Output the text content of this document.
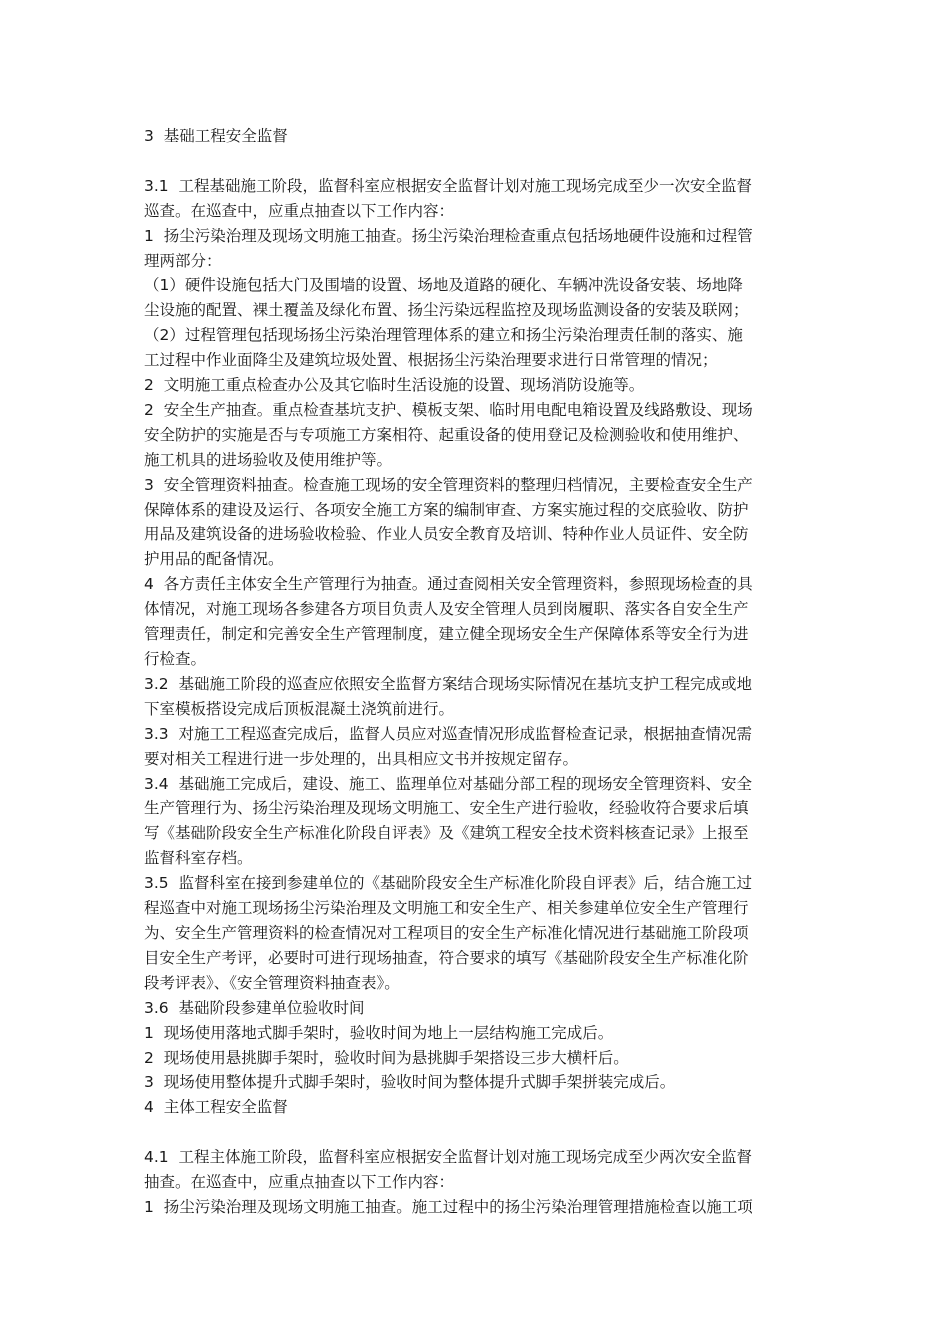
3  基础工程安全监督

3.1  工程基础施工阶段，监督科室应根据安全监督计划对施工现场完成至少一次安全监督

巡查。在巡查中，应重点抽查以下工作内容：

1  扬尘污染治理及现场文明施工抽查。扬尘污染治理检查重点包括场地硬件设施和过程管

理两部分：

（1）硬件设施包括大门及围墙的设置、场地及道路的硬化、车辆冲洗设备安装、场地降

尘设施的配置、裸土覆盖及绿化布置、扬尘污染远程监控及现场监测设备的安装及联网；

（2）过程管理包括现场扬尘污染治理管理体系的建立和扬尘污染治理责任制的落实、施

工过程中作业面降尘及建筑垃圾处置、根据扬尘污染治理要求进行日常管理的情况；

2  文明施工重点检查办公及其它临时生活设施的设置、现场消防设施等。

2  安全生产抽查。重点检查基坑支护、模板支架、临时用电配电箱设置及线路敷设、现场

安全防护的实施是否与专项施工方案相符、起重设备的使用登记及检测验收和使用维护、

施工机具的进场验收及使用维护等。

3  安全管理资料抽查。检查施工现场的安全管理资料的整理归档情况，主要检查安全生产

保障体系的建设及运行、各项安全施工方案的编制审查、方案实施过程的交底验收、防护

用品及建筑设备的进场验收检验、作业人员安全教育及培训、特种作业人员证件、安全防

护用品的配备情况。

4  各方责任主体安全生产管理行为抽查。通过查阅相关安全管理资料，参照现场检查的具

体情况，对施工现场各参建各方项目负责人及安全管理人员到岗履职、落实各自安全生产

管理责任，制定和完善安全生产管理制度，建立健全现场安全生产保障体系等安全行为进

行检查。

3.2  基础施工阶段的巡查应依照安全监督方案结合现场实际情况在基坑支护工程完成或地

下室模板搭设完成后顶板混凝土浇筑前进行。

3.3  对施工工程巡查完成后，监督人员应对巡查情况形成监督检查记录，根据抽查情况需

要对相关工程进行进一步处理的，出具相应文书并按规定留存。

3.4  基础施工完成后，建设、施工、监理单位对基础分部工程的现场安全管理资料、安全

生产管理行为、扬尘污染治理及现场文明施工、安全生产进行验收，经验收符合要求后填

写《基础阶段安全生产标准化阶段自评表》及《建筑工程安全技术资料核查记录》上报至

监督科室存档。

3.5  监督科室在接到参建单位的《基础阶段安全生产标准化阶段自评表》后，结合施工过

程巡查中对施工现场扬尘污染治理及文明施工和安全生产、相关参建单位安全生产管理行

为、安全生产管理资料的检查情况对工程项目的安全生产标准化情况进行基础施工阶段项

目安全生产考评，必要时可进行现场抽查，符合要求的填写《基础阶段安全生产标准化阶

段考评表》、《安全管理资料抽查表》。

3.6  基础阶段参建单位验收时间

1  现场使用落地式脚手架时，验收时间为地上一层结构施工完成后。

2  现场使用悬挑脚手架时，验收时间为悬挑脚手架搭设三步大横杆后。

3  现场使用整体提升式脚手架时，验收时间为整体提升式脚手架拼装完成后。

4  主体工程安全监督

4.1  工程主体施工阶段，监督科室应根据安全监督计划对施工现场完成至少两次安全监督

抽查。在巡查中，应重点抽查以下工作内容：

1  扬尘污染治理及现场文明施工抽查。施工过程中的扬尘污染治理管理措施检查以施工项
